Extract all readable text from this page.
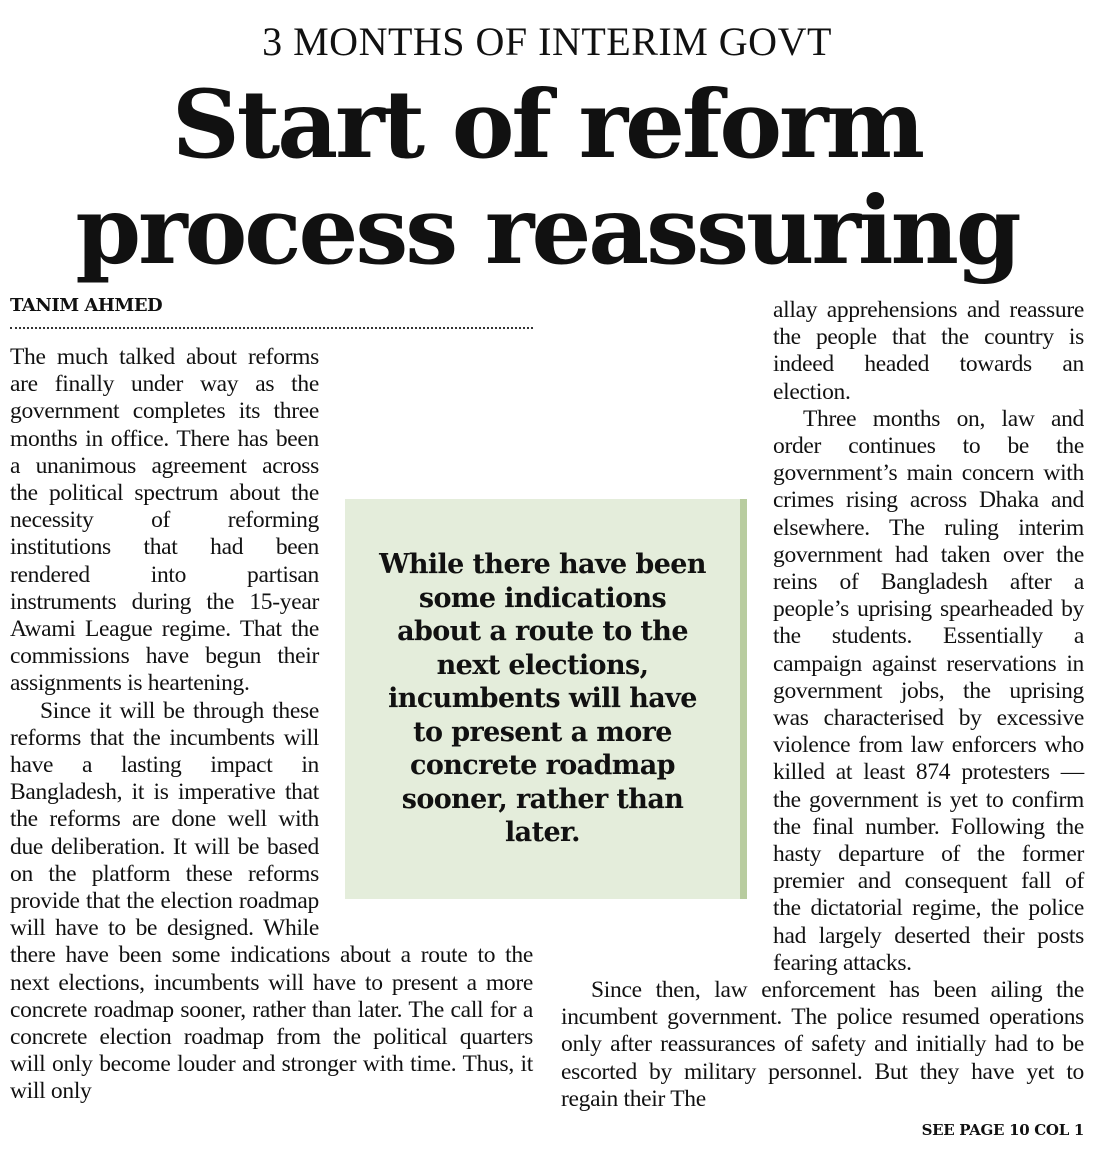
3 MONTHS OF INTERIM GOVT
Start of reform
process reassuring
TANIM AHMED

The much talked about reforms are finally under way as the government completes its three months in office. There has been a unanimous agreement across the political spectrum about the necessity of reforming institutions that had been rendered into partisan instruments during the 15-year Awami League regime. That the commissions have begun their assignments is heartening.

Since it will be through these reforms that the incumbents will have a lasting impact in Bangladesh, it is imperative that the reforms are done well with due deliberation. It will be based on the platform these reforms provide that the election roadmap will have to be designed. While there have been some indications about a route to the next elections, incumbents will have to present a more concrete roadmap sooner, rather than later. The call for a concrete election roadmap from the political quarters will only become louder and stronger with time. Thus, it will only

allay apprehensions and reassure the people that the country is indeed headed towards an election.

Three months on, law and order continues to be the government’s main concern with crimes rising across Dhaka and elsewhere. The ruling interim government had taken over the reins of Bangladesh after a people’s uprising spearheaded by the students. Essentially a campaign against reservations in government jobs, the uprising was characterised by excessive violence from law enforcers who killed at least 874 protesters — the government is yet to confirm the final number. Following the hasty departure of the former premier and consequent fall of the dictatorial regime, the police had largely deserted their posts fearing attacks.

Since then, law enforcement has been ailing the incumbent government. The police resumed operations only after reassurances of safety and initially had to be escorted by military personnel. But they have yet to regain their The

While there have been some indications about a route to the next elections, incumbents will have to present a more concrete roadmap sooner, rather than later.
SEE PAGE 10 COL 1
